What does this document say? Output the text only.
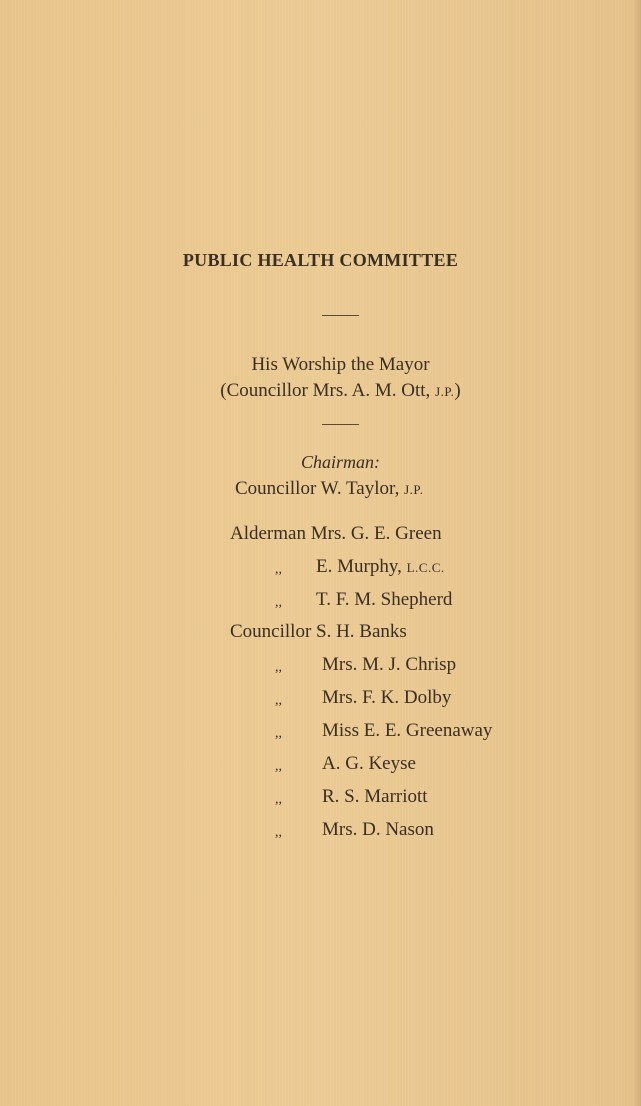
PUBLIC HEALTH COMMITTEE
His Worship the Mayor
(Councillor Mrs. A. M. Ott, J.P.)
Chairman:
Councillor W. Taylor, J.P.
Alderman Mrs. G. E. Green
,, E. Murphy, L.C.C.
,, T. F. M. Shepherd
Councillor S. H. Banks
,, Mrs. M. J. Chrisp
,, Mrs. F. K. Dolby
,, Miss E. E. Greenaway
,, A. G. Keyse
,, R. S. Marriott
,, Mrs. D. Nason
